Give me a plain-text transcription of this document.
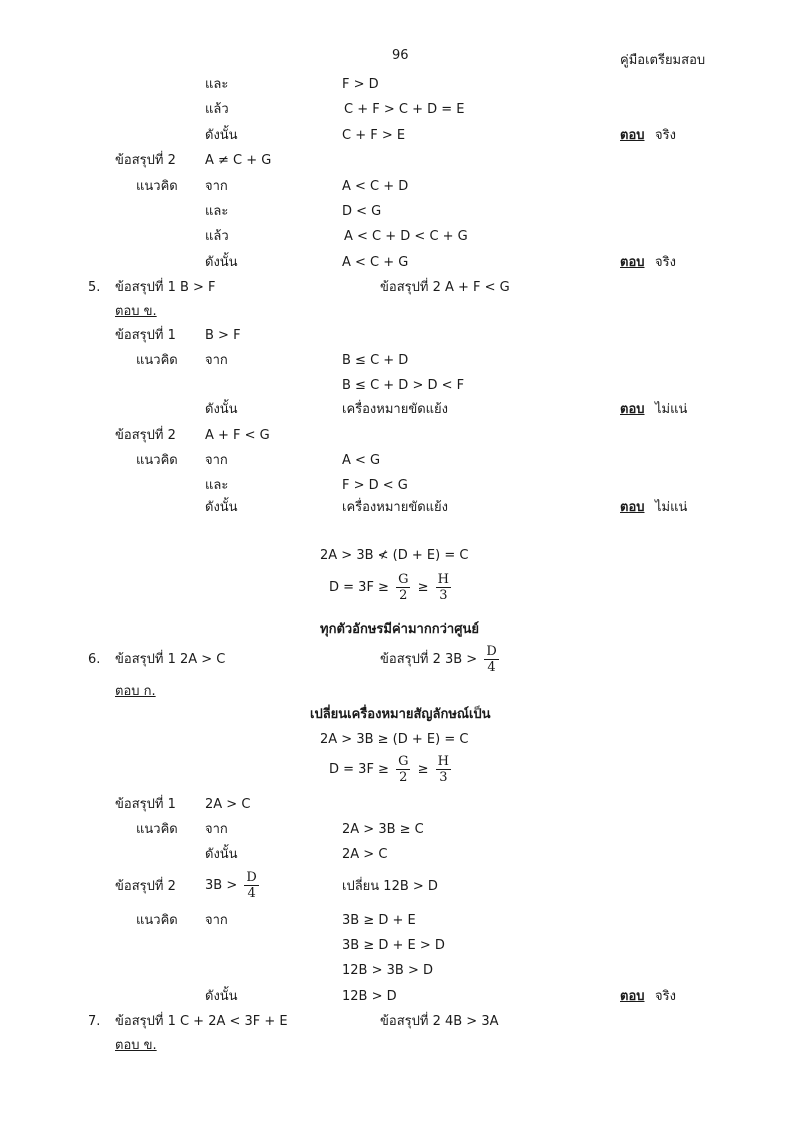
96	คู่มือเตรียมสอบ
และ	F > D
แล้ว	C + F > C + D = E
ดังนั้น	C + F > E	ตอบ จริง
ข้อสรุปที่ 2 A ≠ C + G
แนวคิด จาก	A < C + D
และ	D < G
แล้ว	A < C + D < C + G
ดังนั้น	A < C + G	ตอบ จริง
5. ข้อสรุปที่ 1 B > F	ข้อสรุปที่ 2 A + F < G
ตอบ ข.
ข้อสรุปที่ 1 B > F
แนวคิด จาก	B ≤ C + D
B ≤ C + D > D < F
ดังนั้น	เครื่องหมายขัดแย้ง	ตอบ ไม่แน่
ข้อสรุปที่ 2 A + F < G
แนวคิด จาก	A < G
และ	F > D < G
ดังนั้น	เครื่องหมายขัดแย้ง	ตอบ ไม่แน่
2A > 3B ≮ (D + E) = C
$D = 3F \ge \frac{G}{2} \ge \frac{H}{3}$
ทุกตัวอักษรมีค่ามากกว่าศูนย์
6. ข้อสรุปที่ 1 2A > C	ข้อสรุปที่ 2 $3B > \frac{D}{4}$
ตอบ ก.
เปลี่ยนเครื่องหมายสัญลักษณ์เป็น
2A > 3B ≥ (D + E) = C
$D = 3F \ge \frac{G}{2} \ge \frac{H}{3}$
ข้อสรุปที่ 1 2A > C
แนวคิด จาก	2A > 3B ≥ C
ดังนั้น	2A > C
ข้อสรุปที่ 2 $3B > \frac{D}{4}$	เปลี่ยน 12B > D
แนวคิด จาก	3B ≥ D + E
3B ≥ D + E > D
12B > 3B > D
ดังนั้น	12B > D	ตอบ จริง
7. ข้อสรุปที่ 1 C + 2A < 3F + E	ข้อสรุปที่ 2 4B > 3A
ตอบ ข.
